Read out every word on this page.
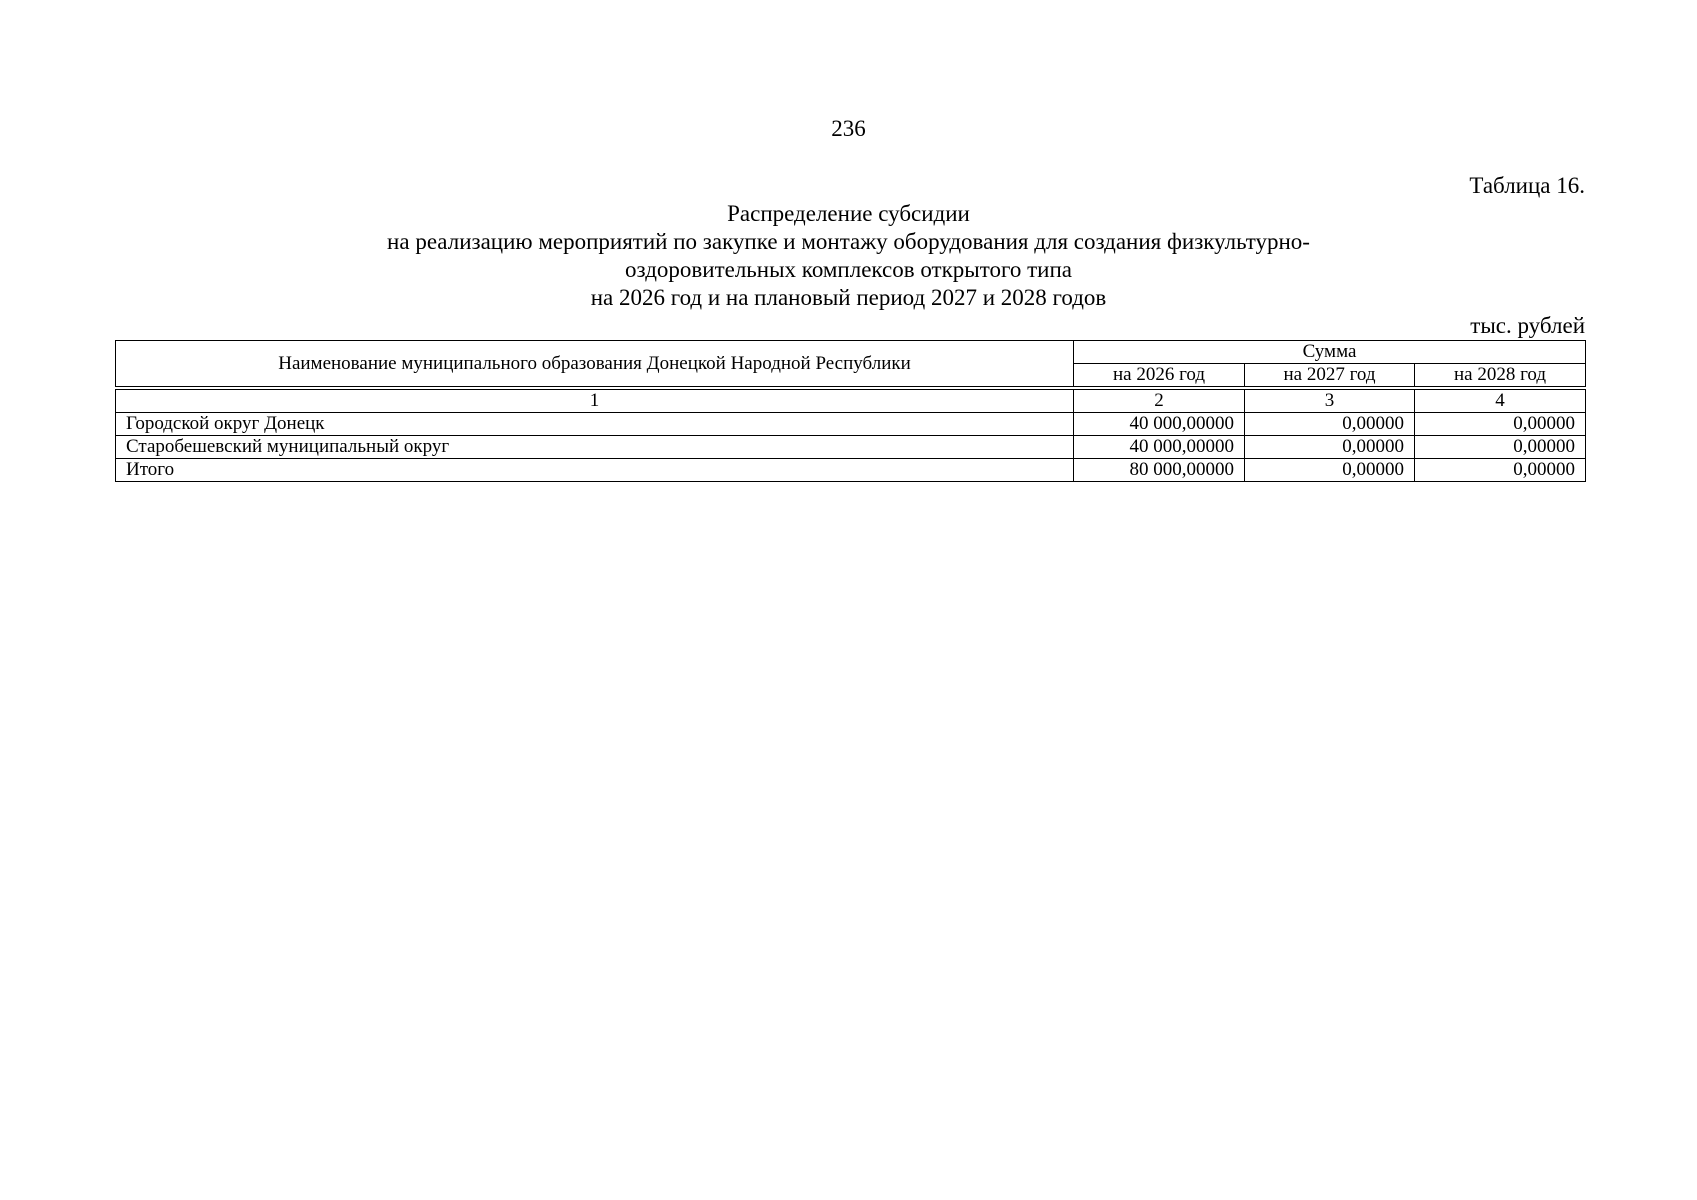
236
Таблица 16.
Распределение субсидии
на реализацию мероприятий по закупке и монтажу оборудования для создания физкультурно-
оздоровительных комплексов открытого типа
на 2026 год и на плановый период 2027 и 2028 годов
тыс. рублей
Наименование муниципального образования Донецкой Народной Республики	Сумма		
	на 2026 год	на 2027 год	на 2028 год

1	2	3	4
Городской округ Донецк	40 000,00000	0,00000	0,00000
Старобешевский муниципальный округ	40 000,00000	0,00000	0,00000
Итого	80 000,00000	0,00000	0,00000
